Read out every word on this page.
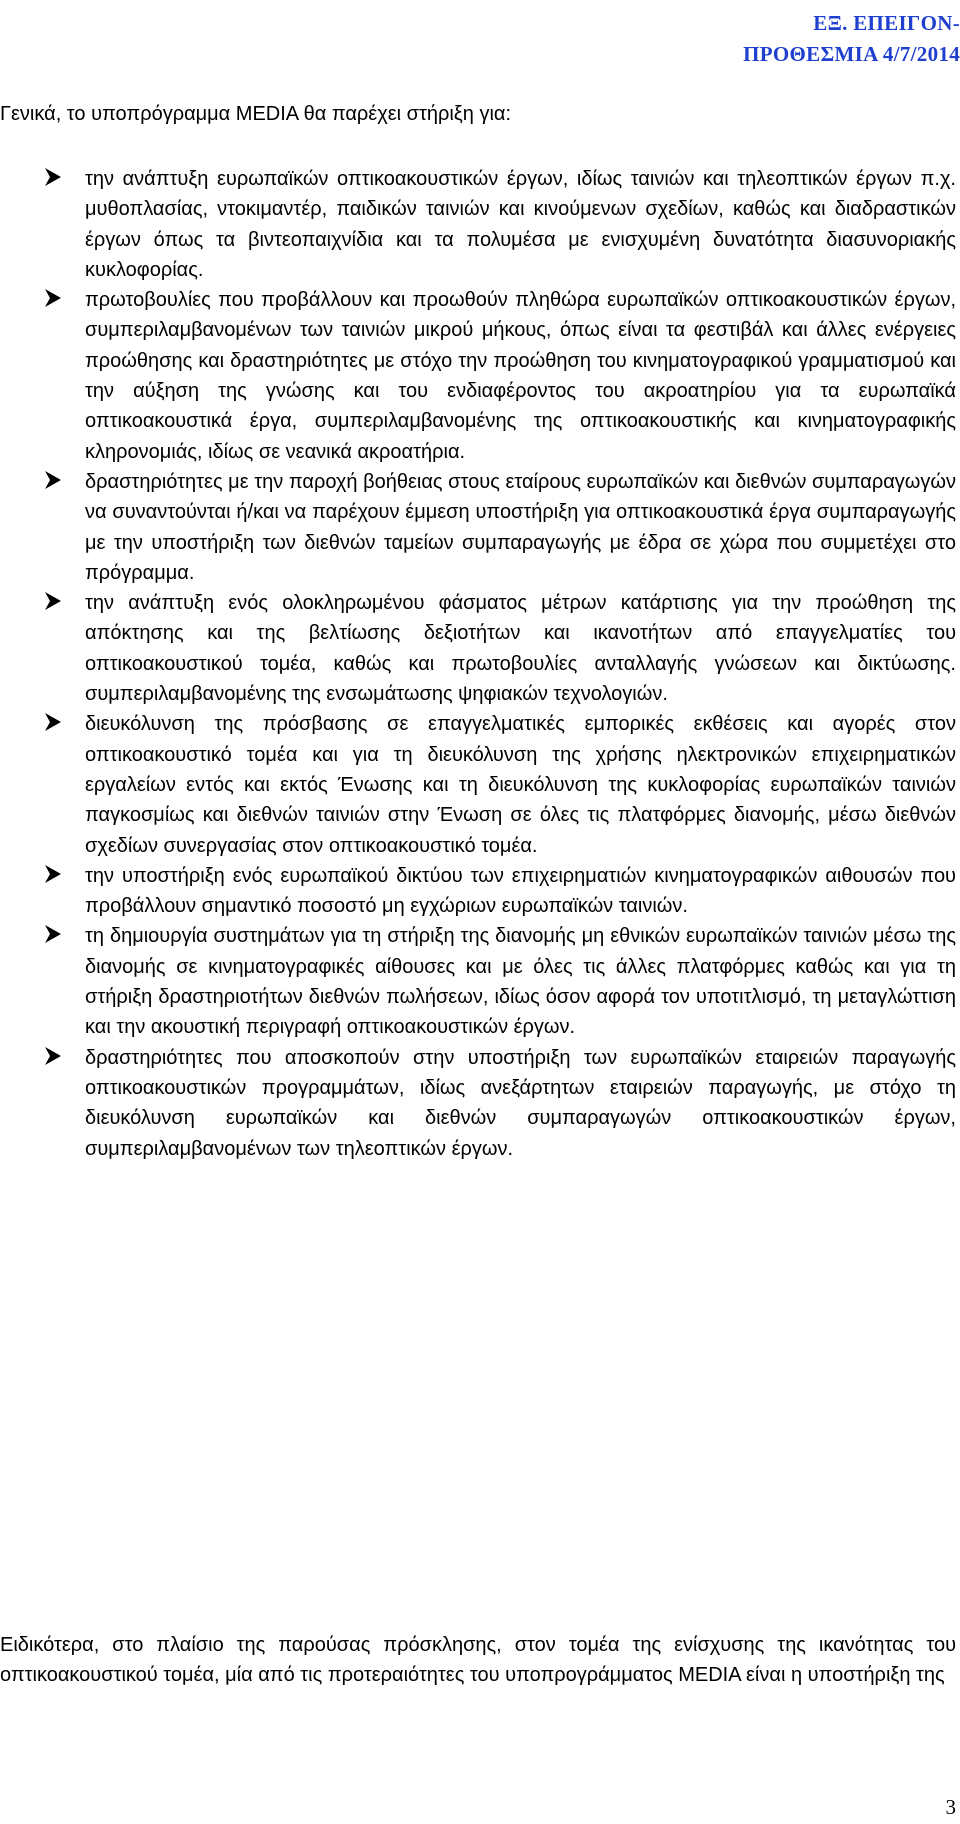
ΕΞ. ΕΠΕΙΓΟΝ-
ΠΡΟΘΕΣΜΙΑ 4/7/2014
Γενικά, το υποπρόγραμμα MEDIA θα παρέχει στήριξη για:
την ανάπτυξη ευρωπαϊκών οπτικοακουστικών έργων, ιδίως ταινιών και τηλεοπτικών έργων π.χ. μυθοπλασίας, ντοκιμαντέρ, παιδικών ταινιών και κινούμενων σχεδίων, καθώς και διαδραστικών έργων όπως τα βιντεοπαιχνίδια και τα πολυμέσα με ενισχυμένη δυνατότητα διασυνοριακής κυκλοφορίας.
πρωτοβουλίες που προβάλλουν και προωθούν πληθώρα ευρωπαϊκών οπτικοακουστικών έργων, συμπεριλαμβανομένων των ταινιών μικρού μήκους, όπως είναι τα φεστιβάλ και άλλες ενέργειες προώθησης και δραστηριότητες με στόχο την προώθηση του κινηματογραφικού γραμματισμού και την αύξηση της γνώσης και του ενδιαφέροντος του ακροατηρίου για τα ευρωπαϊκά οπτικοακουστικά έργα, συμπεριλαμβανομένης της οπτικοακουστικής και κινηματογραφικής κληρονομιάς, ιδίως σε νεανικά ακροατήρια.
δραστηριότητες με την παροχή βοήθειας στους εταίρους ευρωπαϊκών και διεθνών συμπαραγωγών να συναντούνται ή/και να παρέχουν έμμεση υποστήριξη για οπτικοακουστικά έργα συμπαραγωγής με την υποστήριξη των διεθνών ταμείων συμπαραγωγής με έδρα σε χώρα που συμμετέχει στο πρόγραμμα.
την ανάπτυξη ενός ολοκληρωμένου φάσματος μέτρων κατάρτισης για την προώθηση της απόκτησης και της βελτίωσης δεξιοτήτων και ικανοτήτων από επαγγελματίες του οπτικοακουστικού τομέα, καθώς και πρωτοβουλίες ανταλλαγής γνώσεων και δικτύωσης. συμπεριλαμβανομένης της ενσωμάτωσης ψηφιακών τεχνολογιών.
διευκόλυνση της πρόσβασης σε επαγγελματικές εμπορικές εκθέσεις και αγορές στον οπτικοακουστικό τομέα και για τη διευκόλυνση της χρήσης ηλεκτρονικών επιχειρηματικών εργαλείων εντός και εκτός Ένωσης και τη διευκόλυνση της κυκλοφορίας ευρωπαϊκών ταινιών παγκοσμίως και διεθνών ταινιών στην Ένωση σε όλες τις πλατφόρμες διανομής, μέσω διεθνών σχεδίων συνεργασίας στον οπτικοακουστικό τομέα.
την υποστήριξη ενός ευρωπαϊκού δικτύου των επιχειρηματιών κινηματογραφικών αιθουσών που προβάλλουν σημαντικό ποσοστό μη εγχώριων ευρωπαϊκών ταινιών.
τη δημιουργία συστημάτων για τη στήριξη της διανομής μη εθνικών ευρωπαϊκών ταινιών μέσω της διανομής σε κινηματογραφικές αίθουσες και με όλες τις άλλες πλατφόρμες καθώς και για τη στήριξη δραστηριοτήτων διεθνών πωλήσεων, ιδίως όσον αφορά τον υποτιτλισμό, τη μεταγλώττιση και την ακουστική περιγραφή οπτικοακουστικών έργων.
δραστηριότητες που αποσκοπούν στην υποστήριξη των ευρωπαϊκών εταιρειών παραγωγής οπτικοακουστικών προγραμμάτων, ιδίως ανεξάρτητων εταιρειών παραγωγής, με στόχο τη διευκόλυνση ευρωπαϊκών και διεθνών συμπαραγωγών οπτικοακουστικών έργων, συμπεριλαμβανομένων των τηλεοπτικών έργων.
Ειδικότερα, στο πλαίσιο της παρούσας πρόσκλησης, στον τομέα της ενίσχυσης της ικανότητας του οπτικοακουστικού τομέα, μία από τις προτεραιότητες του υποπρογράμματος MEDIA είναι η υποστήριξη της
3
